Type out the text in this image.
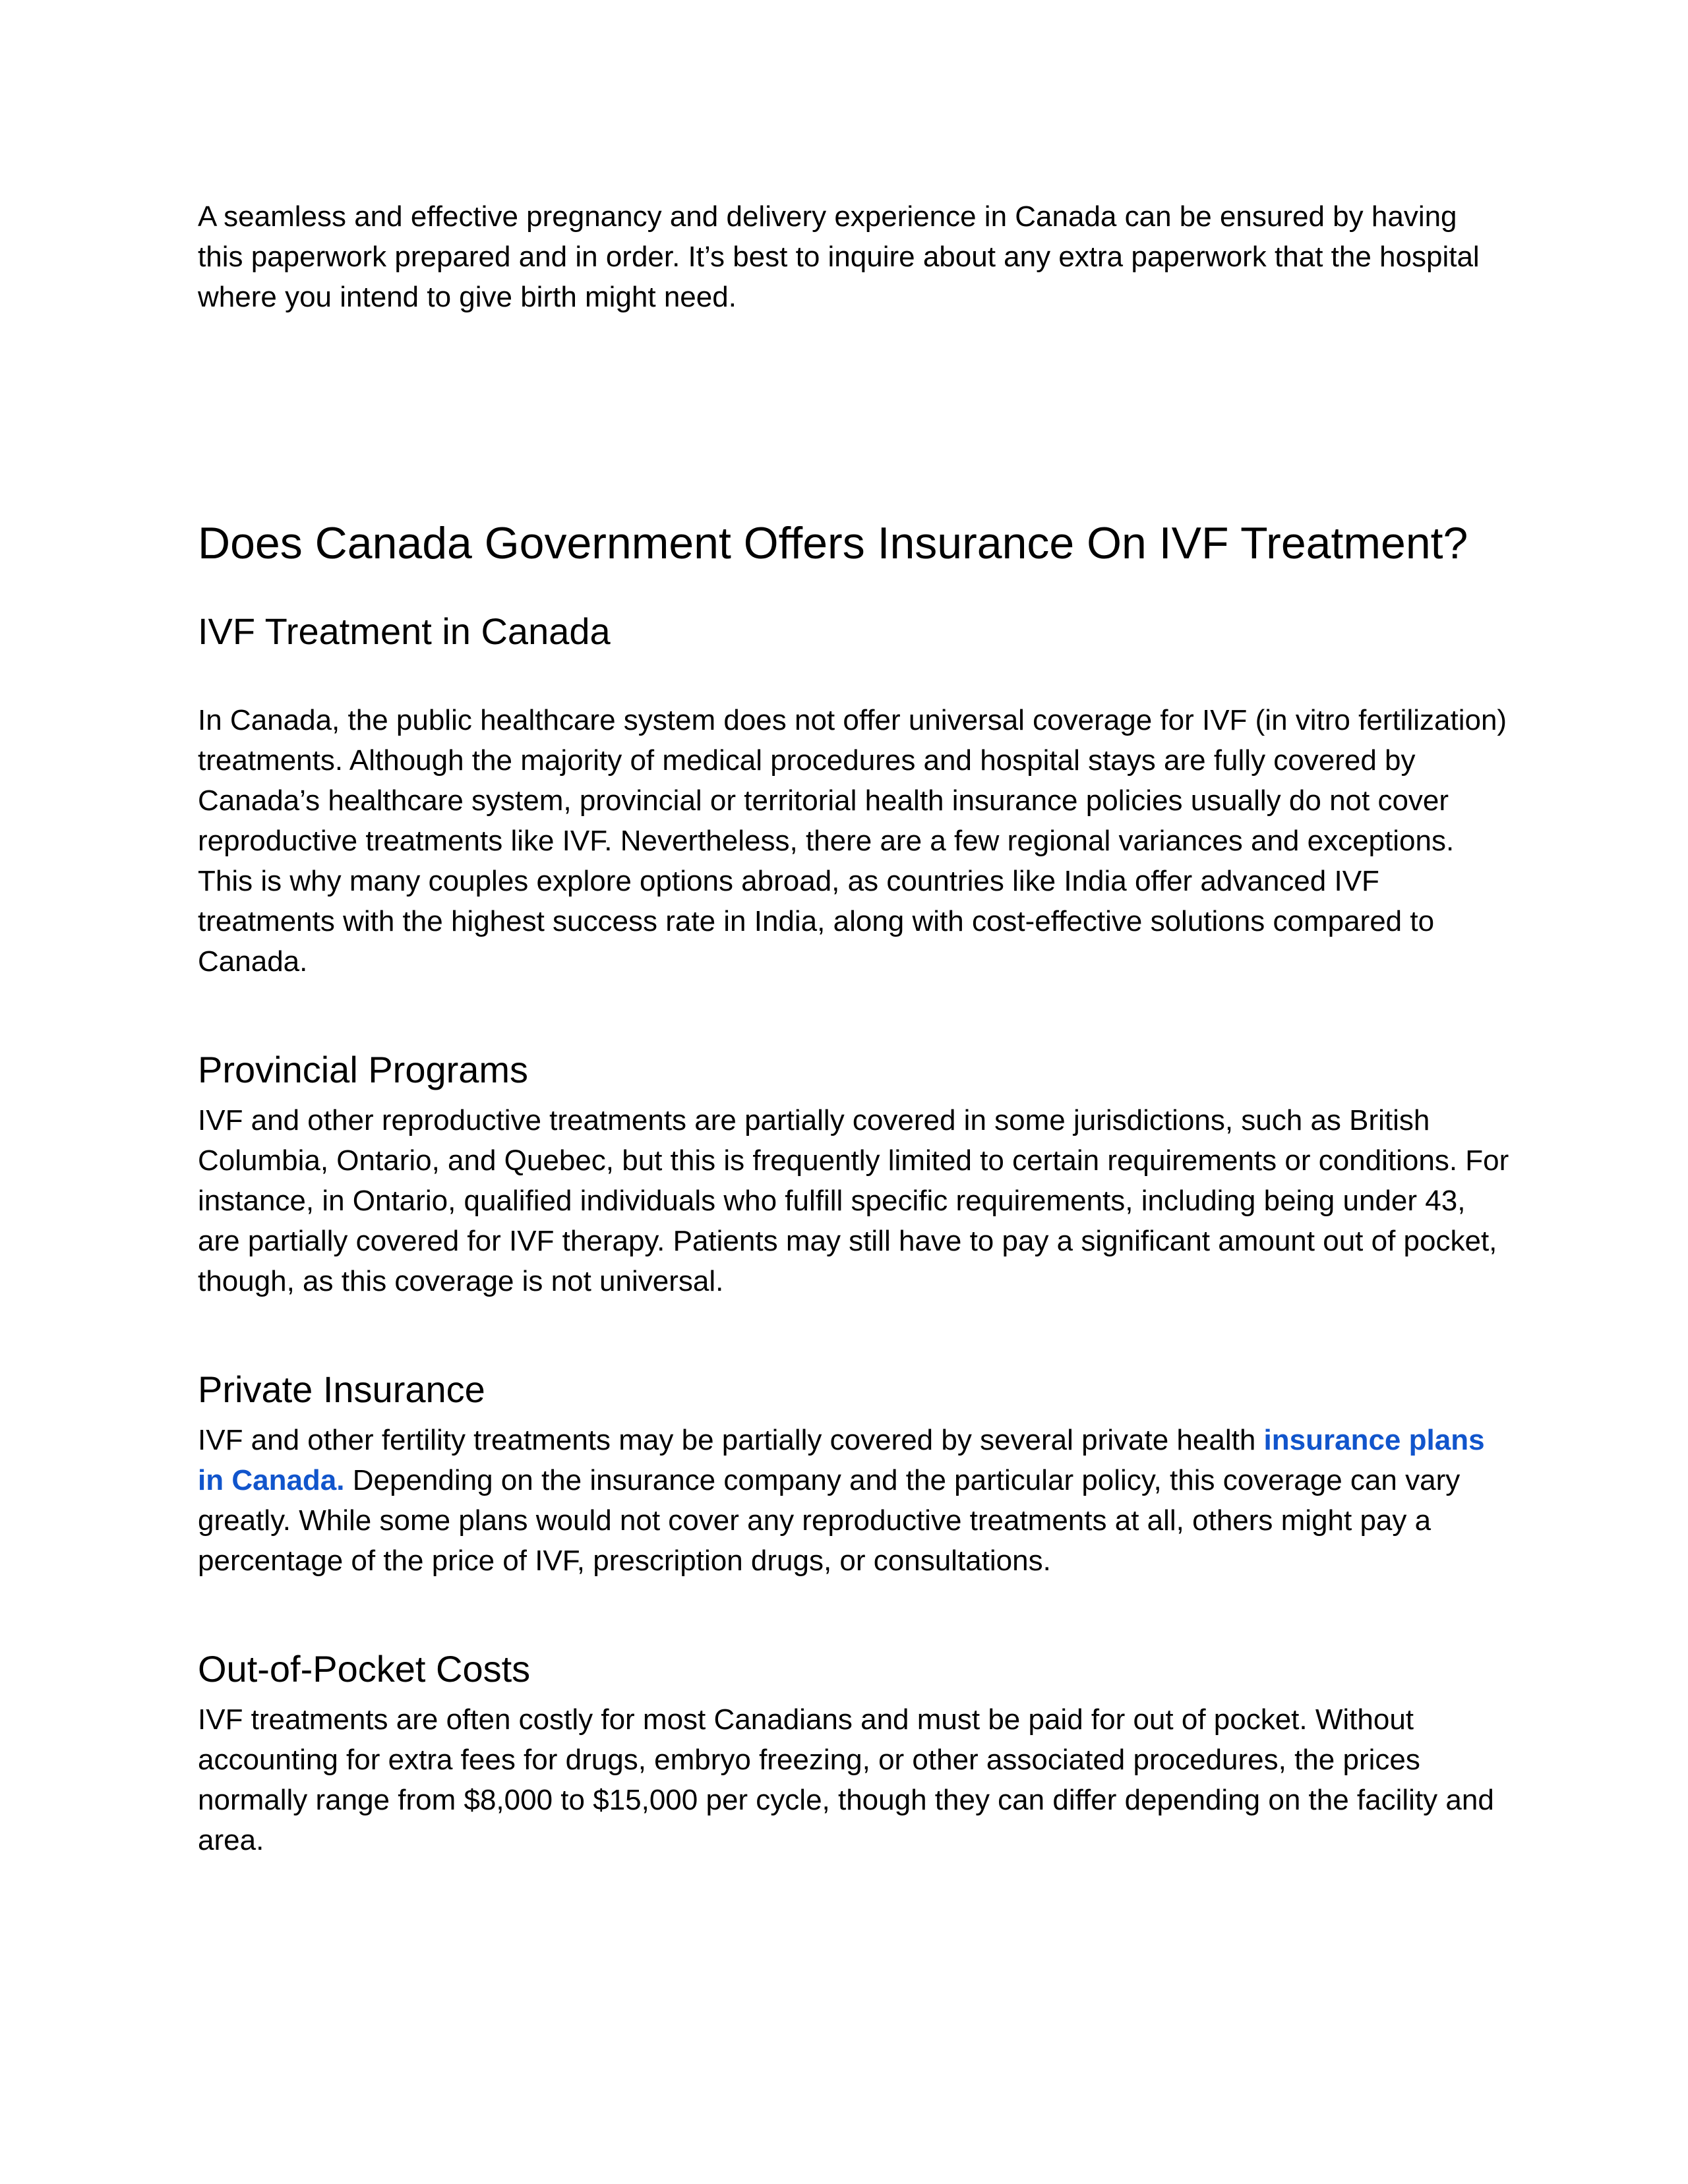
A seamless and effective pregnancy and delivery experience in Canada can be ensured by having this paperwork prepared and in order. It’s best to inquire about any extra paperwork that the hospital where you intend to give birth might need.

Does Canada Government Offers Insurance On IVF Treatment?
IVF Treatment in Canada

In Canada, the public healthcare system does not offer universal coverage for IVF (in vitro fertilization) treatments. Although the majority of medical procedures and hospital stays are fully covered by Canada’s healthcare system, provincial or territorial health insurance policies usually do not cover reproductive treatments like IVF. Nevertheless, there are a few regional variances and exceptions. This is why many couples explore options abroad, as countries like India offer advanced IVF treatments with the highest success rate in India, along with cost-effective solutions compared to Canada.

Provincial Programs

IVF and other reproductive treatments are partially covered in some jurisdictions, such as British Columbia, Ontario, and Quebec, but this is frequently limited to certain requirements or conditions. For instance, in Ontario, qualified individuals who fulfill specific requirements, including being under 43, are partially covered for IVF therapy. Patients may still have to pay a significant amount out of pocket, though, as this coverage is not universal.

Private Insurance

IVF and other fertility treatments may be partially covered by several private health insurance plans in Canada. Depending on the insurance company and the particular policy, this coverage can vary greatly. While some plans would not cover any reproductive treatments at all, others might pay a percentage of the price of IVF, prescription drugs, or consultations.

Out-of-Pocket Costs

IVF treatments are often costly for most Canadians and must be paid for out of pocket. Without accounting for extra fees for drugs, embryo freezing, or other associated procedures, the prices normally range from $8,000 to $15,000 per cycle, though they can differ depending on the facility and area.
